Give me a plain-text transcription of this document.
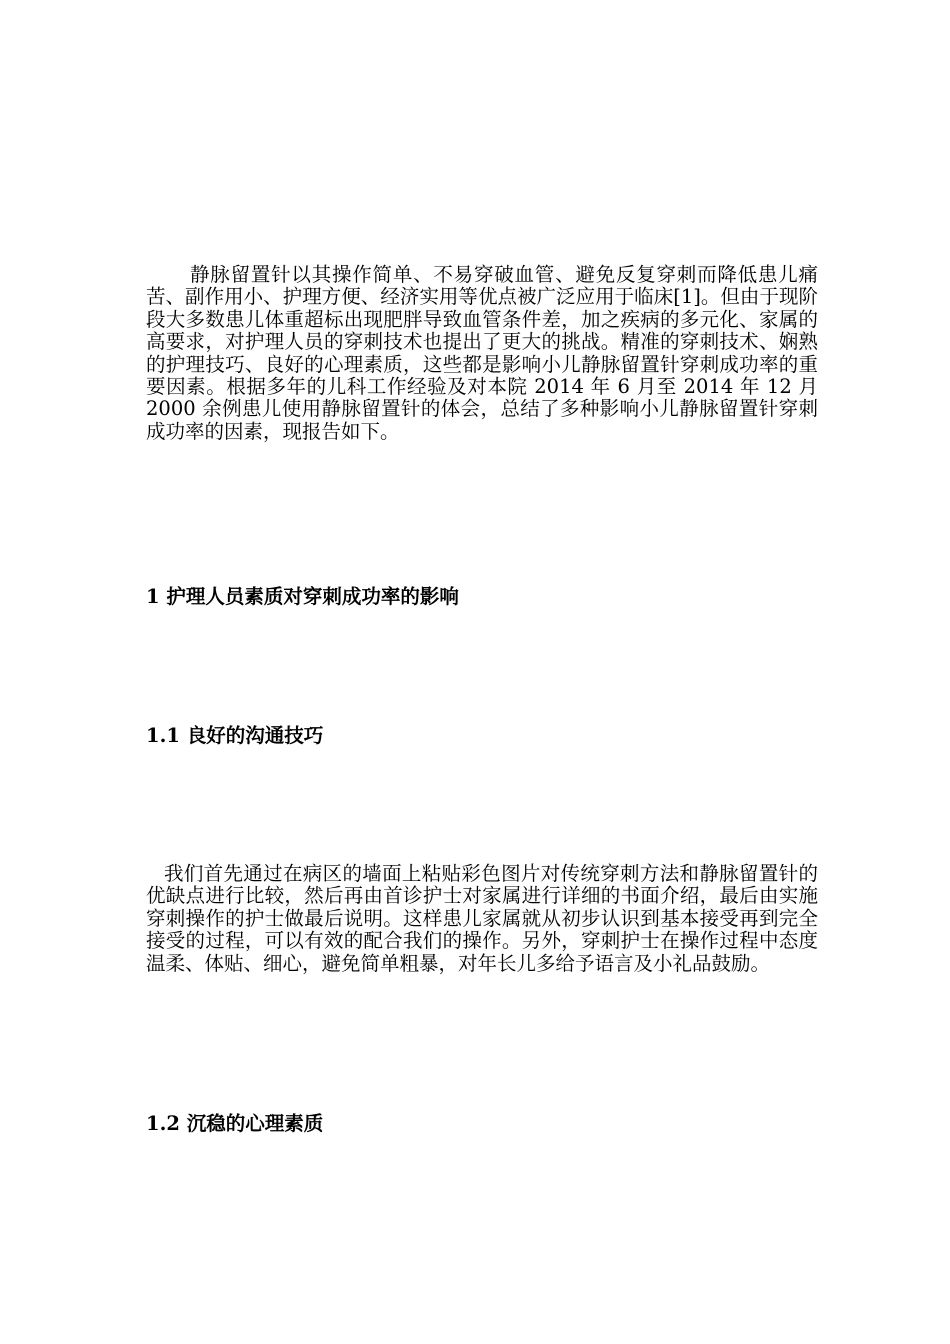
静脉留置针以其操作简单、不易穿破血管、避免反复穿刺而降低患儿痛苦、副作用小、护理方便、经济实用等优点被广泛应用于临床[1]。但由于现阶段大多数患儿体重超标出现肥胖导致血管条件差，加之疾病的多元化、家属的高要求，对护理人员的穿刺技术也提出了更大的挑战。精准的穿刺技术、娴熟的护理技巧、良好的心理素质，这些都是影响小儿静脉留置针穿刺成功率的重要因素。根据多年的儿科工作经验及对本院 2014 年 6 月至 2014 年 12 月 2000 余例患儿使用静脉留置针的体会，总结了多种影响小儿静脉留置针穿刺成功率的因素，现报告如下。

1 护理人员素质对穿刺成功率的影响
1.1 良好的沟通技巧

我们首先通过在病区的墙面上粘贴彩色图片对传统穿刺方法和静脉留置针的优缺点进行比较，然后再由首诊护士对家属进行详细的书面介绍，最后由实施穿刺操作的护士做最后说明。这样患儿家属就从初步认识到基本接受再到完全接受的过程，可以有效的配合我们的操作。另外，穿刺护士在操作过程中态度温柔、体贴、细心，避免简单粗暴，对年长儿多给予语言及小礼品鼓励。

1.2 沉稳的心理素质
